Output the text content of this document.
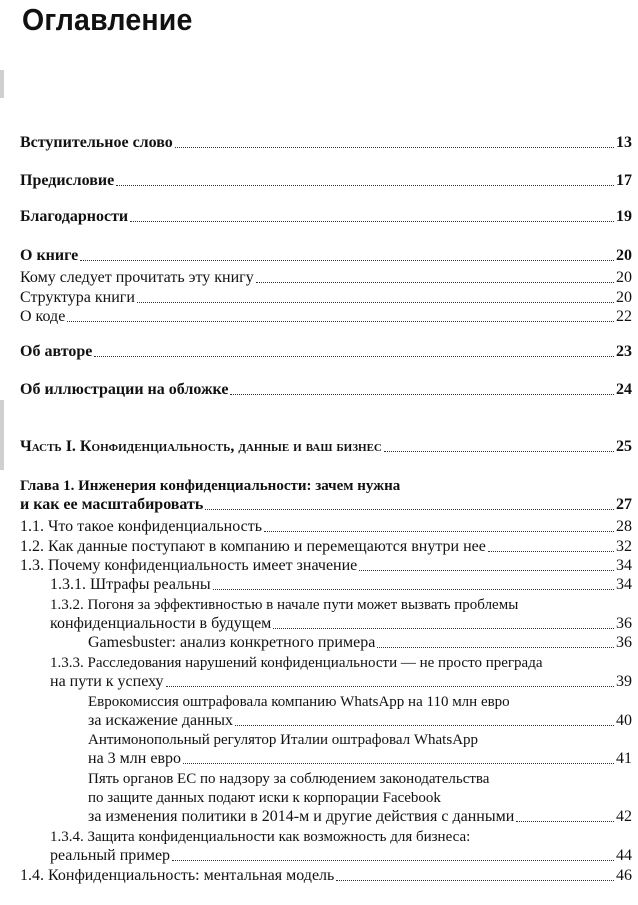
Оглавление
Вступительное слово	13
Предисловие	17
Благодарности	19
О книге	20
Кому следует прочитать эту книгу	20
Структура книги	20
О коде	22
Об авторе	23
Об иллюстрации на обложке	24
Часть I. Конфиденциальность, данные и ваш бизнес	25
Глава 1. Инженерия конфиденциальности: зачем нужна
и как ее масштабировать	27
1.1. Что такое конфиденциальность	28
1.2. Как данные поступают в компанию и перемещаются внутри нее	32
1.3. Почему конфиденциальность имеет значение	34
1.3.1. Штрафы реальны	34
1.3.2. Погоня за эффективностью в начале пути может вызвать проблемы
конфиденциальности в будущем	36
Gamesbuster: анализ конкретного примера	36
1.3.3. Расследования нарушений конфиденциальности — не просто преграда
на пути к успеху	39
Еврокомиссия оштрафовала компанию WhatsApp на 110 млн евро
за искажение данных	40
Антимонопольный регулятор Италии оштрафовал WhatsApp
на 3 млн евро	41
Пять органов ЕС по надзору за соблюдением законодательства
по защите данных подают иски к корпорации Facebook
за изменения политики в 2014-м и другие действия с данными	42
1.3.4. Защита конфиденциальности как возможность для бизнеса:
реальный пример	44
1.4. Конфиденциальность: ментальная модель	46
